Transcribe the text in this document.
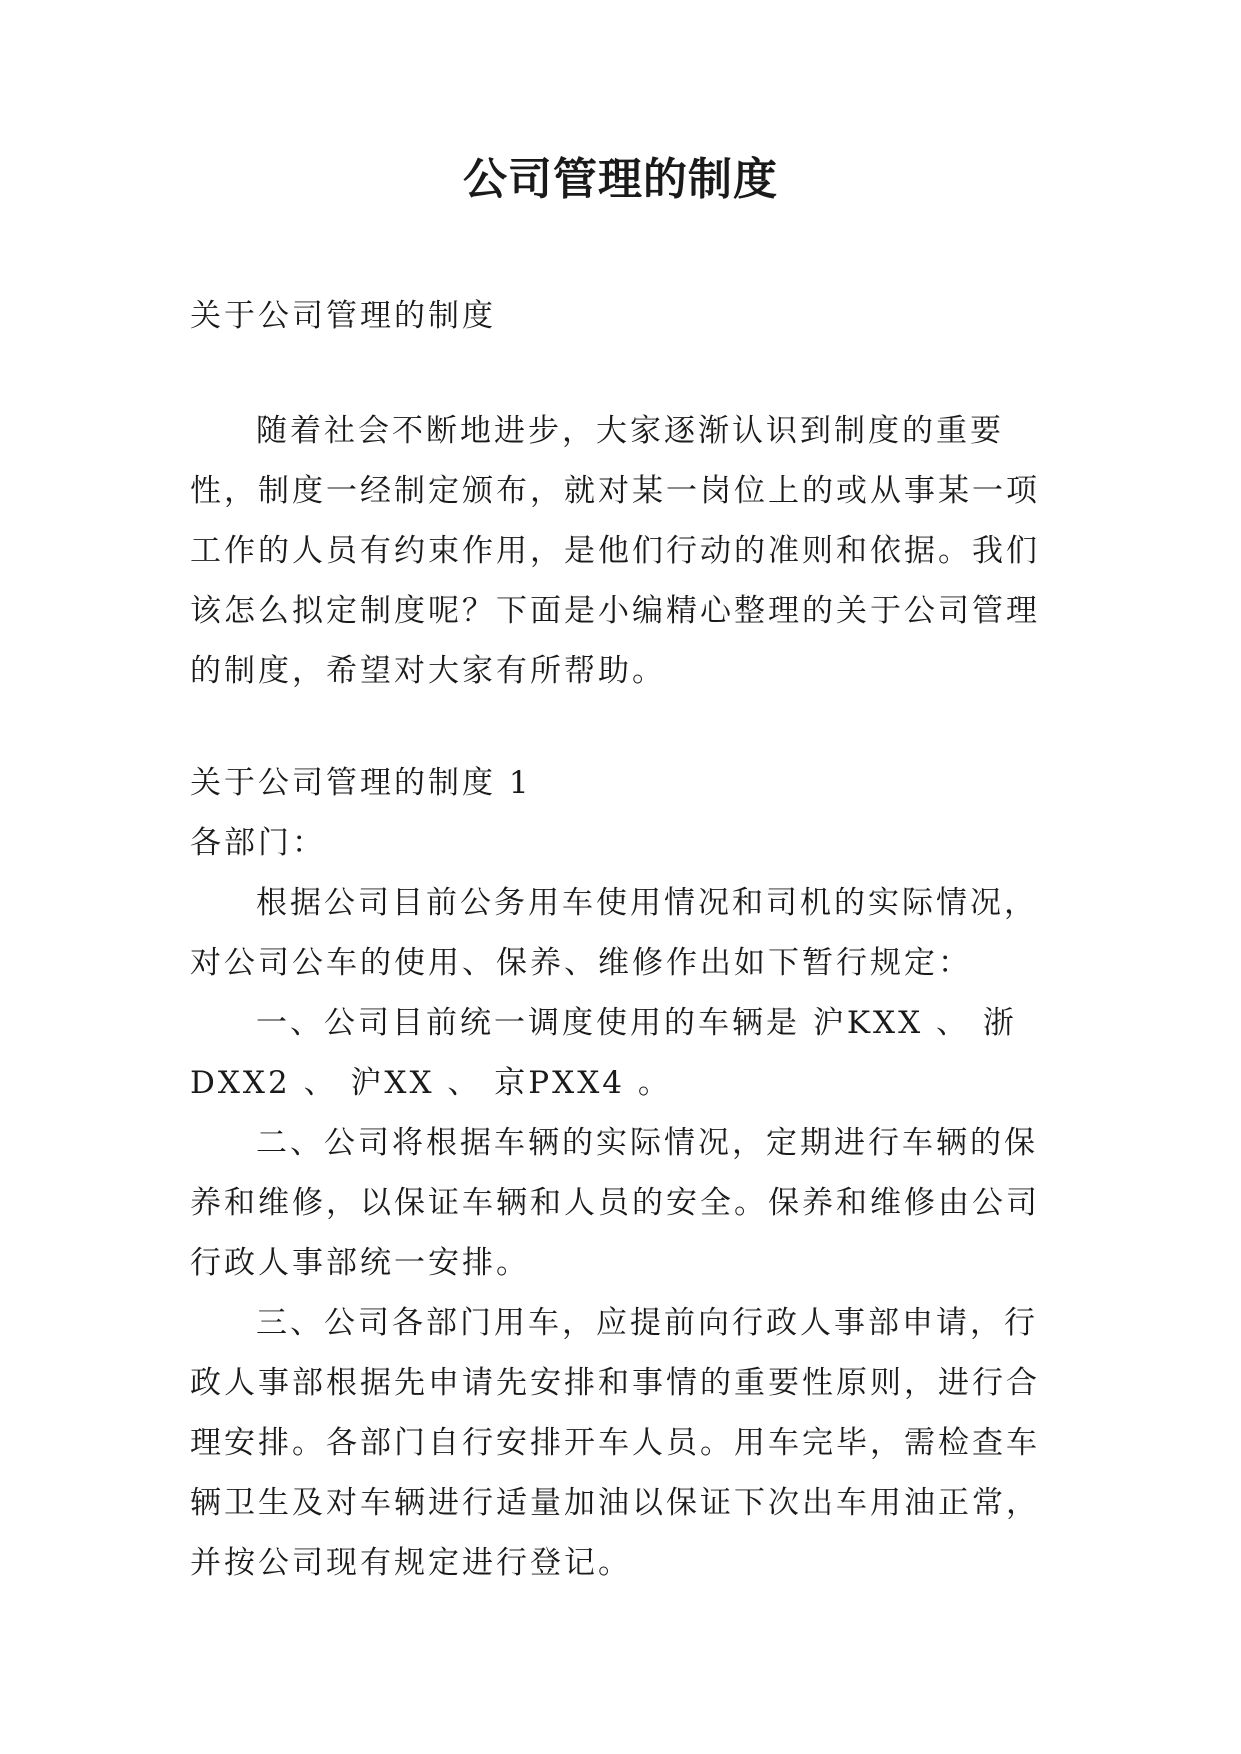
公司管理的制度

关于公司管理的制度

随着社会不断地进步，大家逐渐认识到制度的重要性，制度一经制定颁布，就对某一岗位上的或从事某一项工作的人员有约束作用，是他们行动的准则和依据。我们该怎么拟定制度呢？下面是小编精心整理的关于公司管理的制度，希望对大家有所帮助。

关于公司管理的制度 1

各部门：

根据公司目前公务用车使用情况和司机的实际情况，对公司公车的使用、保养、维修作出如下暂行规定：

一、公司目前统一调度使用的车辆是 沪KXX 、 浙DXX2 、 沪XX 、 京PXX4 。

二、公司将根据车辆的实际情况，定期进行车辆的保养和维修，以保证车辆和人员的安全。保养和维修由公司行政人事部统一安排。

三、公司各部门用车，应提前向行政人事部申请，行政人事部根据先申请先安排和事情的重要性原则，进行合理安排。各部门自行安排开车人员。用车完毕，需检查车辆卫生及对车辆进行适量加油以保证下次出车用油正常，并按公司现有规定进行登记。
